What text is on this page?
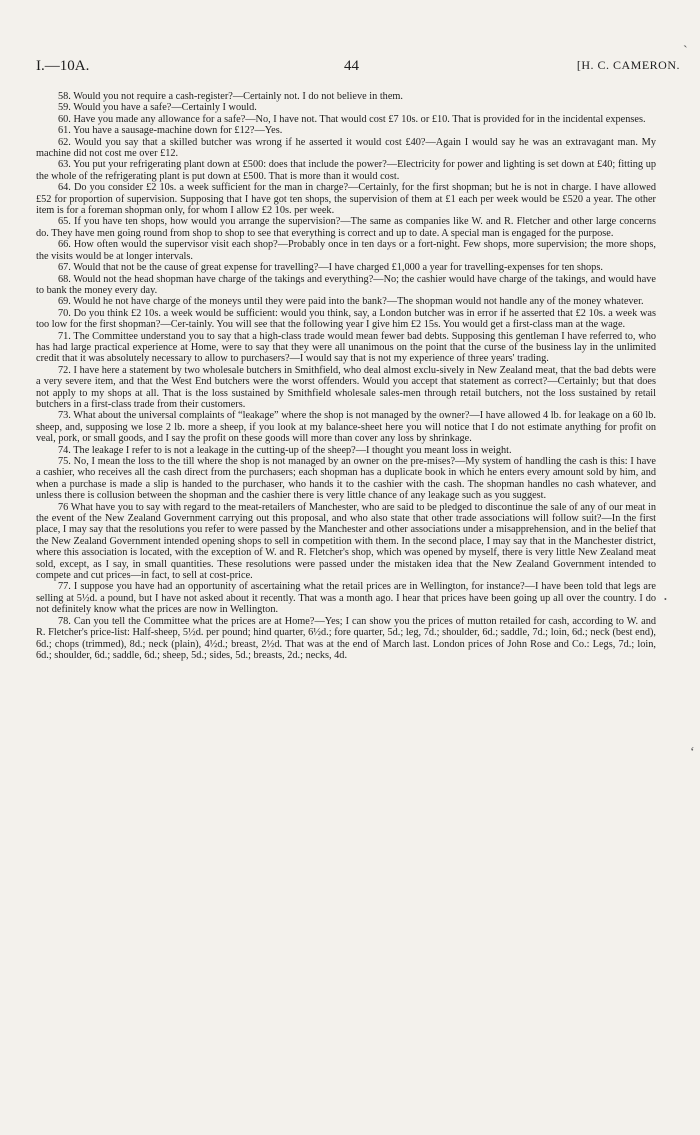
I.—10A.	44	[H. C. CAMERON.

58. Would you not require a cash-register?—Certainly not. I do not believe in them.

59. Would you have a safe?—Certainly I would.

60. Have you made any allowance for a safe?—No, I have not. That would cost £7 10s. or £10. That is provided for in the incidental expenses.

61. You have a sausage-machine down for £12?—Yes.

62. Would you say that a skilled butcher was wrong if he asserted it would cost £40?—Again I would say he was an extravagant man. My machine did not cost me over £12.

63. You put your refrigerating plant down at £500: does that include the power?—Electricity for power and lighting is set down at £40; fitting up the whole of the refrigerating plant is put down at £500. That is more than it would cost.

64. Do you consider £2 10s. a week sufficient for the man in charge?—Certainly, for the first shopman; but he is not in charge. I have allowed £52 for proportion of supervision. Supposing that I have got ten shops, the supervision of them at £1 each per week would be £520 a year. The other item is for a foreman shopman only, for whom I allow £2 10s. per week.

65. If you have ten shops, how would you arrange the supervision?—The same as companies like W. and R. Fletcher and other large concerns do. They have men going round from shop to shop to see that everything is correct and up to date. A special man is engaged for the purpose.

66. How often would the supervisor visit each shop?—Probably once in ten days or a fort-night. Few shops, more supervision; the more shops, the visits would be at longer intervals.

67. Would that not be the cause of great expense for travelling?—I have charged £1,000 a year for travelling-expenses for ten shops.

68. Would not the head shopman have charge of the takings and everything?—No; the cashier would have charge of the takings, and would have to bank the money every day.

69. Would he not have charge of the moneys until they were paid into the bank?—The shopman would not handle any of the money whatever.

70. Do you think £2 10s. a week would be sufficient: would you think, say, a London butcher was in error if he asserted that £2 10s. a week was too low for the first shopman?—Cer-tainly. You will see that the following year I give him £2 15s. You would get a first-class man at the wage.

71. The Committee understand you to say that a high-class trade would mean fewer bad debts. Supposing this gentleman I have referred to, who has had large practical experience at Home, were to say that they were all unanimous on the point that the curse of the business lay in the unlimited credit that it was absolutely necessary to allow to purchasers?—I would say that is not my experience of three years' trading.

72. I have here a statement by two wholesale butchers in Smithfield, who deal almost exclu-sively in New Zealand meat, that the bad debts were a very severe item, and that the West End butchers were the worst offenders. Would you accept that statement as correct?—Certainly; but that does not apply to my shops at all. That is the loss sustained by Smithfield wholesale sales-men through retail butchers, not the loss sustained by retail butchers in a first-class trade from their customers.

73. What about the universal complaints of “leakage” where the shop is not managed by the owner?—I have allowed 4 lb. for leakage on a 60 lb. sheep, and, supposing we lose 2 lb. more a sheep, if you look at my balance-sheet here you will notice that I do not estimate anything for profit on veal, pork, or small goods, and I say the profit on these goods will more than cover any loss by shrinkage.

74. The leakage I refer to is not a leakage in the cutting-up of the sheep?—I thought you meant loss in weight.

75. No, I mean the loss to the till where the shop is not managed by an owner on the pre-mises?—My system of handling the cash is this: I have a cashier, who receives all the cash direct from the purchasers; each shopman has a duplicate book in which he enters every amount sold by him, and when a purchase is made a slip is handed to the purchaser, who hands it to the cashier with the cash. The shopman handles no cash whatever, and unless there is collusion between the shopman and the cashier there is very little chance of any leakage such as you suggest.

76 What have you to say with regard to the meat-retailers of Manchester, who are said to be pledged to discontinue the sale of any of our meat in the event of the New Zealand Government carrying out this proposal, and who also state that other trade associations will follow suit?—In the first place, I may say that the resolutions you refer to were passed by the Manchester and other associations under a misapprehension, and in the belief that the New Zealand Government intended opening shops to sell in competition with them. In the second place, I may say that in the Manchester district, where this association is located, with the exception of W. and R. Fletcher's shop, which was opened by myself, there is very little New Zealand meat sold, except, as I say, in small quantities. These resolutions were passed under the mistaken idea that the New Zealand Government intended to compete and cut prices—in fact, to sell at cost-price.

77. I suppose you have had an opportunity of ascertaining what the retail prices are in Wellington, for instance?—I have been told that legs are selling at 5½d. a pound, but I have not asked about it recently. That was a month ago. I hear that prices have been going up all over the country. I do not definitely know what the prices are now in Wellington.

78. Can you tell the Committee what the prices are at Home?—Yes; I can show you the prices of mutton retailed for cash, according to W. and R. Fletcher's price-list: Half-sheep, 5½d. per pound; hind quarter, 6½d.; fore quarter, 5d.; leg, 7d.; shoulder, 6d.; saddle, 7d.; loin, 6d.; neck (best end), 6d.; chops (trimmed), 8d.; neck (plain), 4½d.; breast, 2½d. That was at the end of March last. London prices of John Rose and Co.: Legs, 7d.; loin, 6d.; shoulder, 6d.; saddle, 6d.; sheep, 5d.; sides, 5d.; breasts, 2d.; necks, 4d.

`
•
‘
